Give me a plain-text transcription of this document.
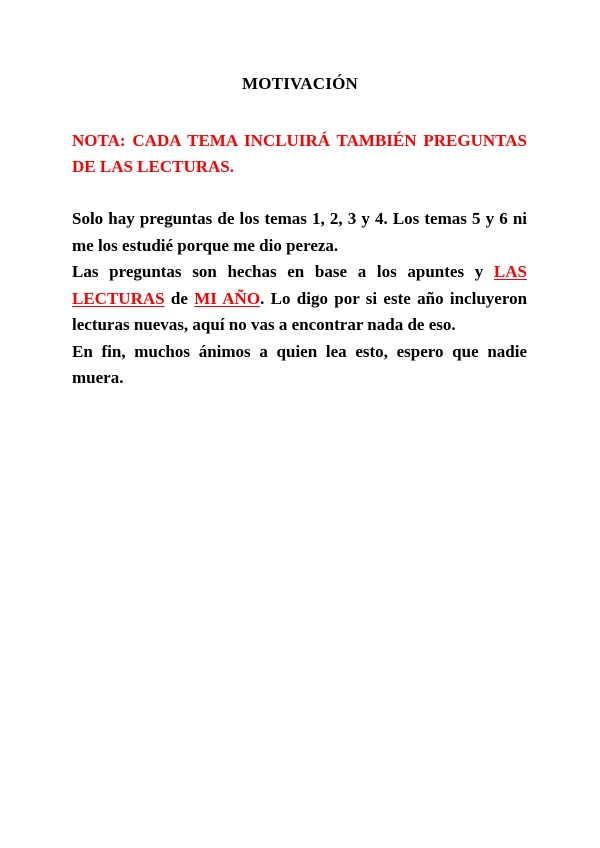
MOTIVACIÓN
NOTA: CADA TEMA INCLUIRÁ TAMBIÉN PREGUNTAS DE LAS LECTURAS.

Solo hay preguntas de los temas 1, 2, 3 y 4. Los temas 5 y 6 ni me los estudié porque me dio pereza.

Las preguntas son hechas en base a los apuntes y LAS LECTURAS de MI AÑO. Lo digo por si este año incluyeron lecturas nuevas, aquí no vas a encontrar nada de eso.

En fin, muchos ánimos a quien lea esto, espero que nadie muera.
